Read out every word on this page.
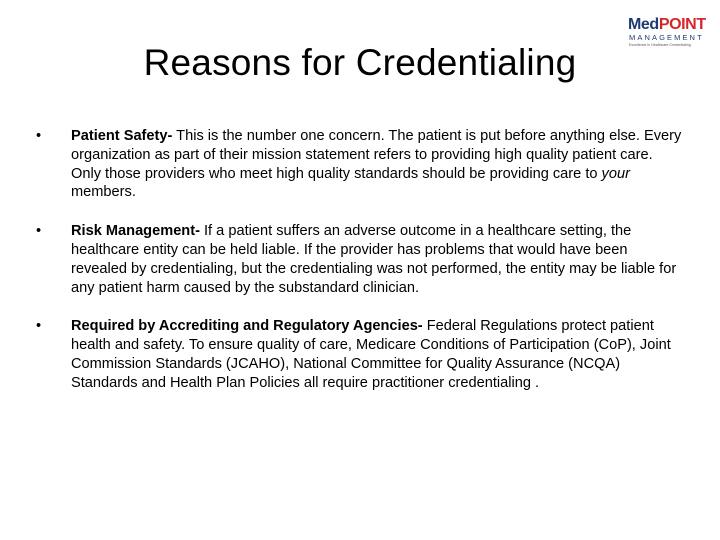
Reasons for Credentialing
MedPOINT
MANAGEMENT
Excellence in Healthcare Credentialing
•	Patient Safety- This is the number one concern. The patient is put before anything else. Every organization as part of their mission statement refers to providing high quality patient care. Only those providers who meet high quality standards should be providing care to your members.
•	Risk Management- If a patient suffers an adverse outcome in a healthcare setting, the healthcare entity can be held liable. If the provider has problems that would have been revealed by credentialing, but the credentialing was not performed, the entity may be liable for any patient harm caused by the substandard clinician.
•	Required by Accrediting and Regulatory Agencies- Federal Regulations protect patient health and safety. To ensure quality of care, Medicare Conditions of Participation (CoP), Joint Commission Standards (JCAHO), National Committee for Quality Assurance (NCQA) Standards and Health Plan Policies all require practitioner credentialing .
